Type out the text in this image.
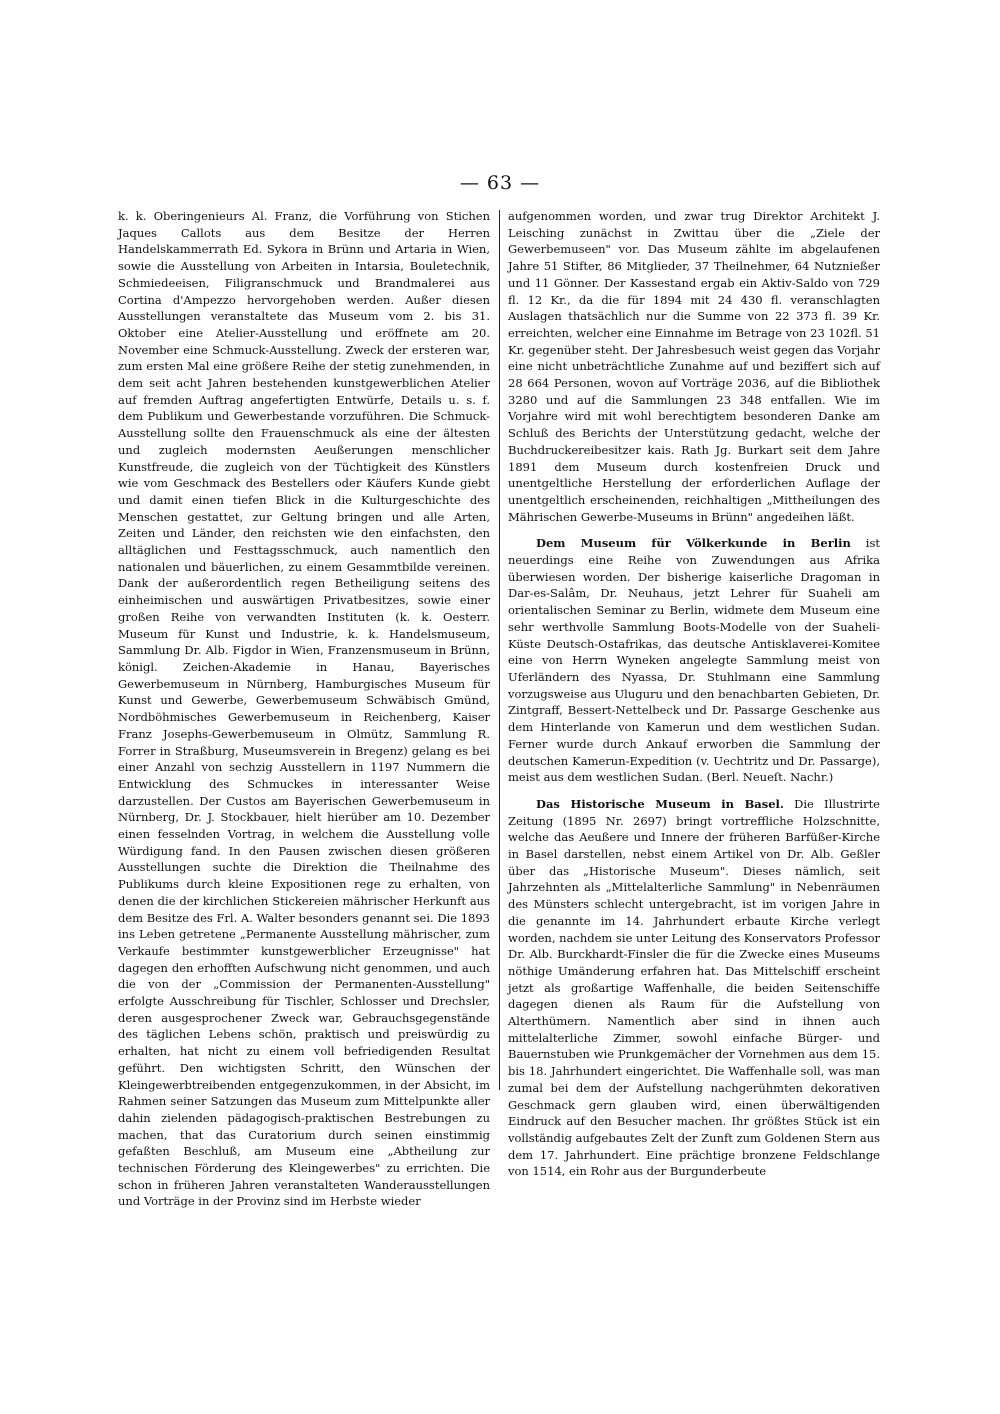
— 63 —

k. k. Oberingenieurs Al. Franz, die Vorführung von Stichen Jaques Callots aus dem Besitze der Herren Handelskammerrath Ed. Sykora in Brünn und Artaria in Wien, sowie die Ausstellung von Arbeiten in Intarsia, Bouletechnik, Schmiedeeisen, Filigranschmuck und Brandmalerei aus Cortina d'Ampezzo hervorgehoben werden. Außer diesen Ausstellungen veranstaltete das Museum vom 2. bis 31. Oktober eine Atelier-Ausstellung und eröffnete am 20. November eine Schmuck-Ausstellung. Zweck der ersteren war, zum ersten Mal eine größere Reihe der stetig zunehmenden, in dem seit acht Jahren bestehenden kunstgewerblichen Atelier auf fremden Auftrag angefertigten Entwürfe, Details u. s. f. dem Publikum und Gewerbestande vorzuführen. Die Schmuck-Ausstellung sollte den Frauenschmuck als eine der ältesten und zugleich modernsten Aeußerungen menschlicher Kunstfreude, die zugleich von der Tüchtigkeit des Künstlers wie vom Geschmack des Bestellers oder Käufers Kunde giebt und damit einen tiefen Blick in die Kulturgeschichte des Menschen gestattet, zur Geltung bringen und alle Arten, Zeiten und Länder, den reichsten wie den einfachsten, den alltäglichen und Festtagsschmuck, auch namentlich den nationalen und bäuerlichen, zu einem Gesammtbilde vereinen. Dank der außerordentlich regen Betheiligung seitens des einheimischen und auswärtigen Privatbesitzes, sowie einer großen Reihe von verwandten Instituten (k. k. Oesterr. Museum für Kunst und Industrie, k. k. Handelsmuseum, Sammlung Dr. Alb. Figdor in Wien, Franzensmuseum in Brünn, königl. Zeichen-Akademie in Hanau, Bayerisches Gewerbemuseum in Nürnberg, Hamburgisches Museum für Kunst und Gewerbe, Gewerbemuseum Schwäbisch Gmünd, Nordböhmisches Gewerbemuseum in Reichenberg, Kaiser Franz Josephs-Gewerbemuseum in Olmütz, Sammlung R. Forrer in Straßburg, Museumsverein in Bregenz) gelang es bei einer Anzahl von sechzig Ausstellern in 1197 Nummern die Entwicklung des Schmuckes in interessanter Weise darzustellen. Der Custos am Bayerischen Gewerbemuseum in Nürnberg, Dr. J. Stockbauer, hielt hierüber am 10. Dezember einen fesselnden Vortrag, in welchem die Ausstellung volle Würdigung fand. In den Pausen zwischen diesen größeren Ausstellungen suchte die Direktion die Theilnahme des Publikums durch kleine Expositionen rege zu erhalten, von denen die der kirchlichen Stickereien mährischer Herkunft aus dem Besitze des Frl. A. Walter besonders genannt sei. Die 1893 ins Leben getretene „Permanente Ausstellung mährischer, zum Verkaufe bestimmter kunstgewerblicher Erzeugnisse" hat dagegen den erhofften Aufschwung nicht genommen, und auch die von der „Commission der Permanenten-Ausstellung" erfolgte Ausschreibung für Tischler, Schlosser und Drechsler, deren ausgesprochener Zweck war, Gebrauchsgegenstände des täglichen Lebens schön, praktisch und preiswürdig zu erhalten, hat nicht zu einem voll befriedigenden Resultat geführt. Den wichtigsten Schritt, den Wünschen der Kleingewerbtreibenden entgegenzukommen, in der Absicht, im Rahmen seiner Satzungen das Museum zum Mittelpunkte aller dahin zielenden pädagogisch-praktischen Bestrebungen zu machen, that das Curatorium durch seinen einstimmig gefaßten Beschluß, am Museum eine „Abtheilung zur technischen Förderung des Kleingewerbes" zu errichten. Die schon in früheren Jahren veranstalteten Wanderausstellungen und Vorträge in der Provinz sind im Herbste wieder

aufgenommen worden, und zwar trug Direktor Architekt J. Leisching zunächst in Zwittau über die „Ziele der Gewerbemuseen" vor. Das Museum zählte im abgelaufenen Jahre 51 Stifter, 86 Mitglieder, 37 Theilnehmer, 64 Nutznießer und 11 Gönner. Der Kassestand ergab ein Aktiv-Saldo von 729 fl. 12 Kr., da die für 1894 mit 24 430 fl. veranschlagten Auslagen thatsächlich nur die Summe von 22 373 fl. 39 Kr. erreichten, welcher eine Einnahme im Betrage von 23 102fl. 51 Kr. gegenüber steht. Der Jahresbesuch weist gegen das Vorjahr eine nicht unbeträchtliche Zunahme auf und beziffert sich auf 28 664 Personen, wovon auf Vorträge 2036, auf die Bibliothek 3280 und auf die Sammlungen 23 348 entfallen. Wie im Vorjahre wird mit wohl berechtigtem besonderen Danke am Schluß des Berichts der Unterstützung gedacht, welche der Buchdruckereibesitzer kais. Rath Jg. Burkart seit dem Jahre 1891 dem Museum durch kostenfreien Druck und unentgeltliche Herstellung der erforderlichen Auflage der unentgeltlich erscheinenden, reichhaltigen „Mittheilungen des Mährischen Gewerbe-Museums in Brünn" angedeihen läßt.

Dem Museum für Völkerkunde in Berlin ist neuerdings eine Reihe von Zuwendungen aus Afrika überwiesen worden. Der bisherige kaiserliche Dragoman in Dar-es-Salâm, Dr. Neuhaus, jetzt Lehrer für Suaheli am orientalischen Seminar zu Berlin, widmete dem Museum eine sehr werthvolle Sammlung Boots-Modelle von der Suaheli-Küste Deutsch-Ostafrikas, das deutsche Antisklaverei-Komitee eine von Herrn Wyneken angelegte Sammlung meist von Uferländern des Nyassa, Dr. Stuhlmann eine Sammlung vorzugsweise aus Uluguru und den benachbarten Gebieten, Dr. Zintgraff, Bessert-Nettelbeck und Dr. Passarge Geschenke aus dem Hinterlande von Kamerun und dem westlichen Sudan. Ferner wurde durch Ankauf erworben die Sammlung der deutschen Kamerun-Expedition (v. Uechtritz und Dr. Passarge), meist aus dem westlichen Sudan. (Berl. Neueſt. Nachr.)

Das Historische Museum in Basel. Die Illustrirte Zeitung (1895 Nr. 2697) bringt vortreffliche Holzschnitte, welche das Aeußere und Innere der früheren Barfüßer-Kirche in Basel darstellen, nebst einem Artikel von Dr. Alb. Geßler über das „Historische Museum". Dieses nämlich, seit Jahrzehnten als „Mittelalterliche Sammlung" in Nebenräumen des Münsters schlecht untergebracht, ist im vorigen Jahre in die genannte im 14. Jahrhundert erbaute Kirche verlegt worden, nachdem sie unter Leitung des Konservators Professor Dr. Alb. Burckhardt-Finsler die für die Zwecke eines Museums nöthige Umänderung erfahren hat. Das Mittelschiff erscheint jetzt als großartige Waffenhalle, die beiden Seitenschiffe dagegen dienen als Raum für die Aufstellung von Alterthümern. Namentlich aber sind in ihnen auch mittelalterliche Zimmer, sowohl einfache Bürger- und Bauernstuben wie Prunkgemächer der Vornehmen aus dem 15. bis 18. Jahrhundert eingerichtet. Die Waffenhalle soll, was man zumal bei dem der Aufstellung nachgerühmten dekorativen Geschmack gern glauben wird, einen überwältigenden Eindruck auf den Besucher machen. Ihr größtes Stück ist ein vollständig aufgebautes Zelt der Zunft zum Goldenen Stern aus dem 17. Jahrhundert. Eine prächtige bronzene Feldschlange von 1514, ein Rohr aus der Burgunderbeute
